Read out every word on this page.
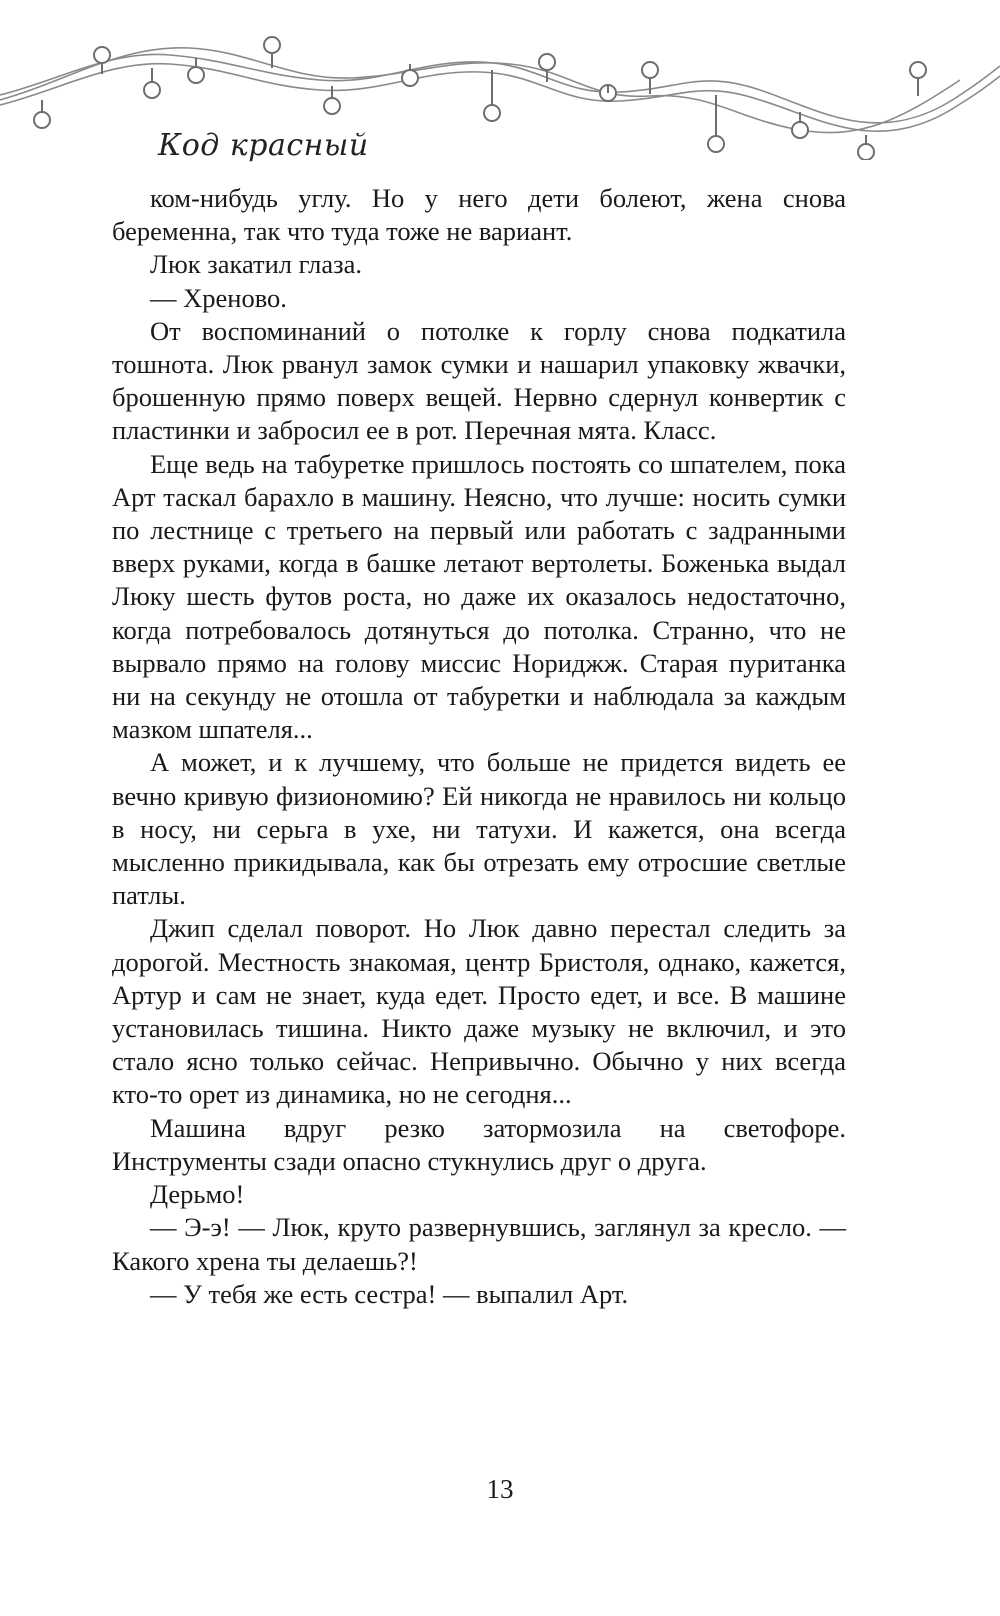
Код красный

ком-нибудь углу. Но у него дети болеют, жена снова беременна, так что туда тоже не вариант.

Люк закатил глаза.

— Хреново.

От воспоминаний о потолке к горлу снова подкатила тошнота. Люк рванул замок сумки и нашарил упаковку жвачки, брошенную прямо поверх вещей. Нервно сдернул конвертик с пластинки и забросил ее в рот. Перечная мята. Класс.

Еще ведь на табуретке пришлось постоять со шпателем, пока Арт таскал барахло в машину. Неясно, что лучше: носить сумки по лестнице с третьего на первый или работать с задранными вверх руками, когда в башке летают вертолеты. Боженька выдал Люку шесть футов роста, но даже их оказалось недостаточно, когда потребовалось дотянуться до потолка. Странно, что не вырвало прямо на голову миссис Нориджж. Старая пуританка ни на секунду не отошла от табуретки и наблюдала за каждым мазком шпателя...

А может, и к лучшему, что больше не придется видеть ее вечно кривую физиономию? Ей никогда не нравилось ни кольцо в носу, ни серьга в ухе, ни татухи. И кажется, она всегда мысленно прикидывала, как бы отрезать ему отросшие светлые патлы.

Джип сделал поворот. Но Люк давно перестал следить за дорогой. Местность знакомая, центр Бристоля, однако, кажется, Артур и сам не знает, куда едет. Просто едет, и все. В машине установилась тишина. Никто даже музыку не включил, и это стало ясно только сейчас. Непривычно. Обычно у них всегда кто-то орет из динамика, но не сегодня...

Машина вдруг резко затормозила на светофоре. Инструменты сзади опасно стукнулись друг о друга.

Дерьмо!

— Э-э! — Люк, круто развернувшись, заглянул за кресло. — Какого хрена ты делаешь?!

— У тебя же есть сестра! — выпалил Арт.

13
